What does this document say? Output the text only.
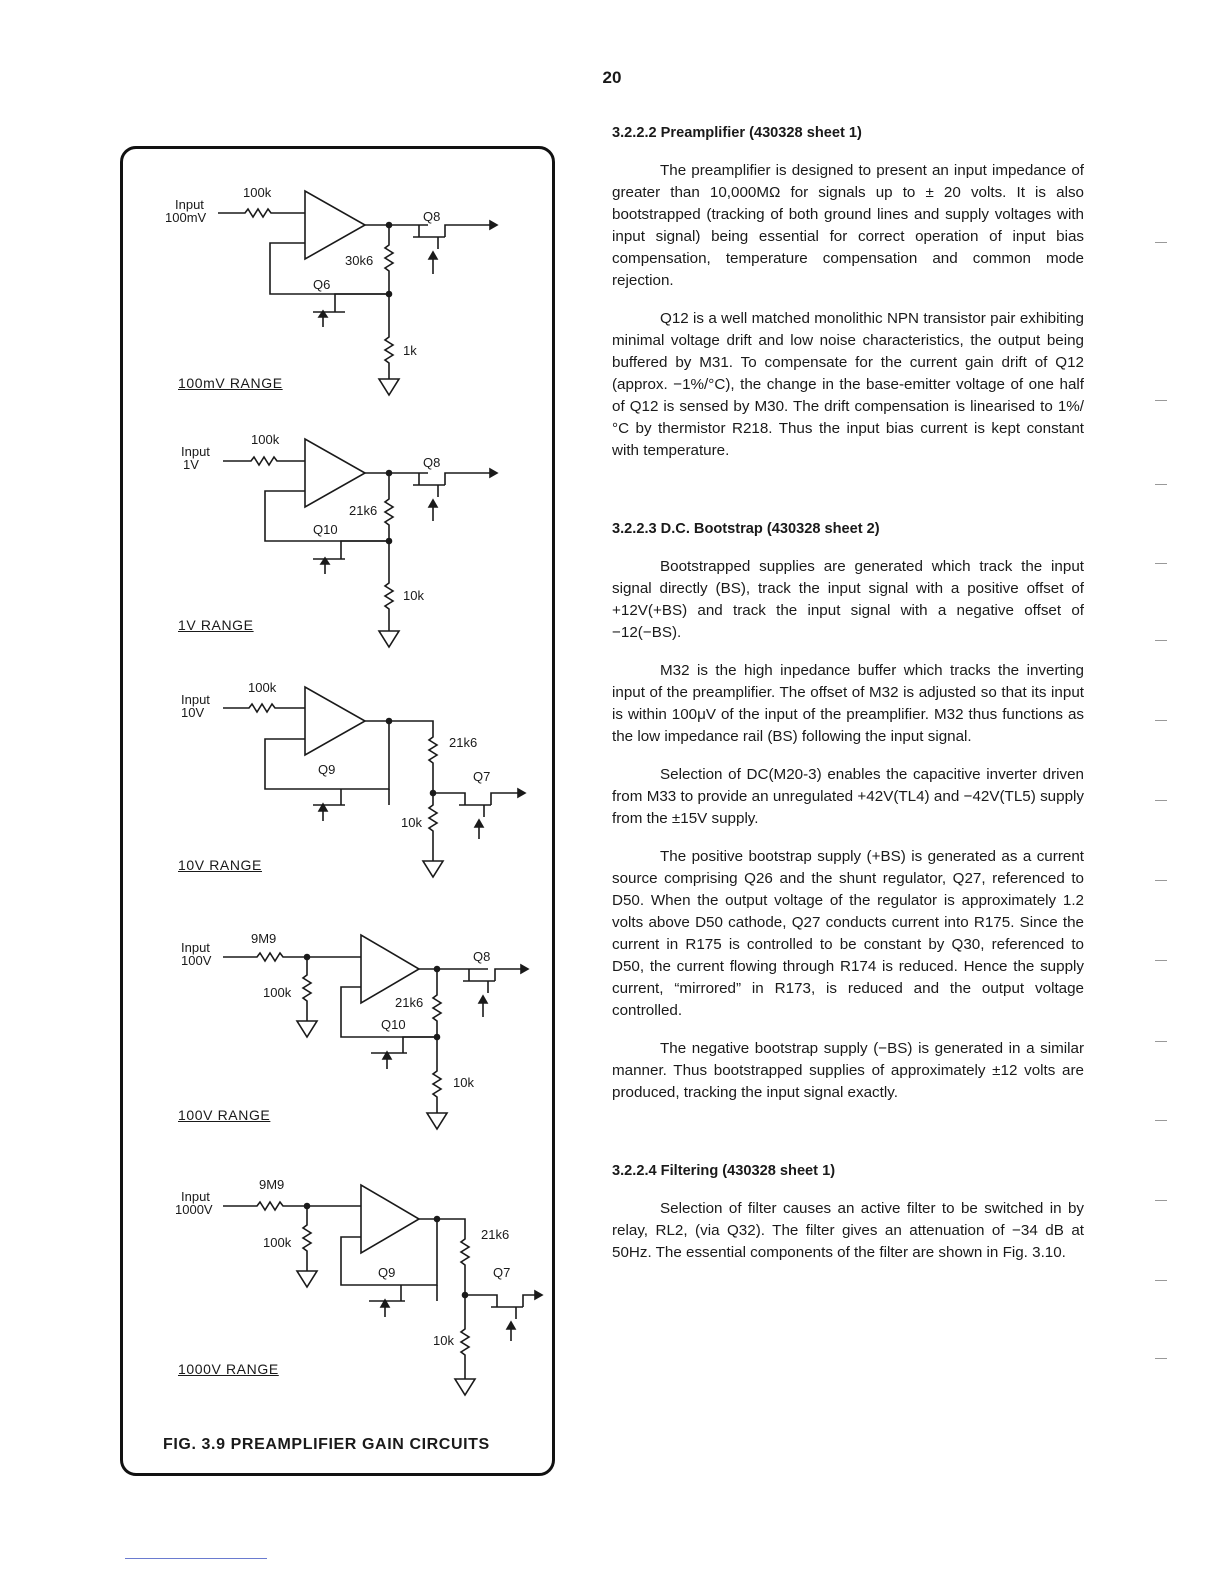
20
Input
100mV
100k
Q8
30k6
Q6
1k
Input
1V
100k
Q8
21k6
Q10
10k
Input
10V
100k
21k6
Q7
Q9
10k
Input
100V
9M9
100k
Q8
21k6
Q10
10k
Input
1000V
9M9
100k
21k6
Q7
Q9
10k
100mV RANGE
1V RANGE
10V RANGE
100V RANGE
1000V RANGE
FIG. 3.9 PREAMPLIFIER GAIN CIRCUITS
3.2.2.2 Preamplifier (430328 sheet 1)

The preamplifier is designed to present an input impedance of greater than 10,000MΩ for signals up to ± 20 volts. It is also bootstrapped (tracking of both ground lines and supply voltages with input signal) being essential for correct operation of input bias compensation, temperature compensation and common mode rejection.

Q12 is a well matched monolithic NPN transistor pair exhibiting minimal voltage drift and low noise characteristics, the output being buffered by M31. To compensate for the current gain drift of Q12 (approx. −1%/°C), the change in the base-emitter voltage of one half of Q12 is sensed by M30. The drift compensation is linearised to 1%/°C by thermistor R218. Thus the input bias current is kept constant with temperature.

3.2.2.3 D.C. Bootstrap (430328 sheet 2)

Bootstrapped supplies are generated which track the input signal directly (BS), track the input signal with a positive offset of +12V(+BS) and track the input signal with a negative offset of −12(−BS).

M32 is the high inpedance buffer which tracks the inverting input of the preamplifier. The offset of M32 is adjusted so that its input is within 100μV of the input of the preamplifier. M32 thus functions as the low impedance rail (BS) following the input signal.

Selection of DC(M20-3) enables the capacitive inverter driven from M33 to provide an unregulated +42V(TL4) and −42V(TL5) supply from the ±15V supply.

The positive bootstrap supply (+BS) is generated as a current source comprising Q26 and the shunt regulator, Q27, referenced to D50. When the output voltage of the regulator is approximately 1.2 volts above D50 cathode, Q27 conducts current into R175. Since the current in R175 is controlled to be constant by Q30, referenced to D50, the current flowing through R174 is reduced. Hence the supply current, “mirrored” in R173, is reduced and the output voltage controlled.

The negative bootstrap supply (−BS) is generated in a similar manner. Thus bootstrapped supplies of approximately ±12 volts are produced, tracking the input signal exactly.

3.2.2.4 Filtering (430328 sheet 1)

Selection of filter causes an active filter to be switched in by relay, RL2, (via Q32). The filter gives an attenuation of −34 dB at 50Hz. The essential components of the filter are shown in Fig. 3.10.
